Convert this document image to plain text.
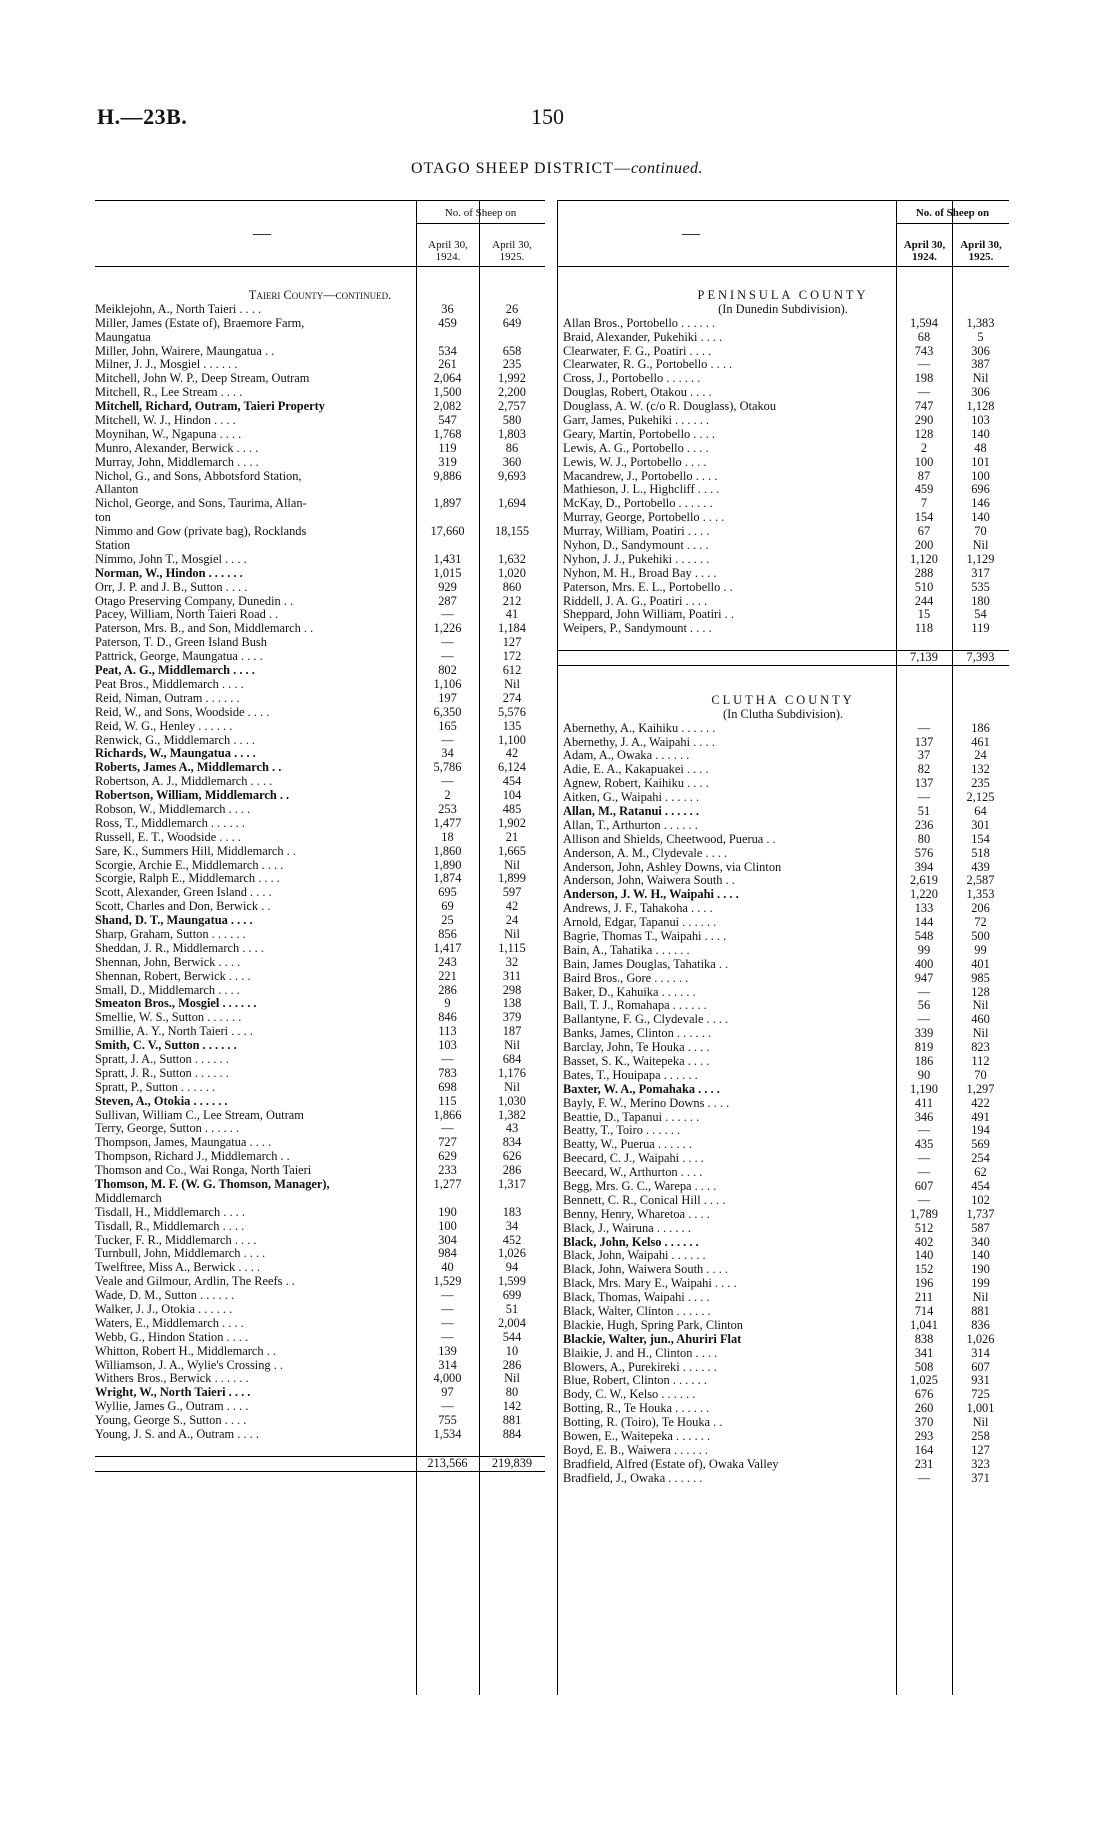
H.—23B.	150
OTAGO SHEEP DISTRICT—continued.
—
No. of Sheep on
April 30, 1924.
April 30, 1925.
Taieri County—continued.
Meiklejohn, A., North Taieri . . . .	36	26
Miller, James (Estate of), Braemore Farm,	459	649
Maungatua
Miller, John, Wairere, Maungatua . .	534	658
Milner, J. J., Mosgiel . . . . . .	261	235
Mitchell, John W. P., Deep Stream, Outram	2,064	1,992
Mitchell, R., Lee Stream . . . .	1,500	2,200
Mitchell, Richard, Outram, Taieri Property	2,082	2,757
Mitchell, W. J., Hindon . . . .	547	580
Moynihan, W., Ngapuna . . . .	1,768	1,803
Munro, Alexander, Berwick . . . .	119	86
Murray, John, Middlemarch . . . .	319	360
Nichol, G., and Sons, Abbotsford Station,	9,886	9,693
Allanton
Nichol, George, and Sons, Taurima, Allan-	1,897	1,694
ton
Nimmo and Gow (private bag), Rocklands	17,660	18,155
Station
Nimmo, John T., Mosgiel . . . .	1,431	1,632
Norman, W., Hindon . . . . . .	1,015	1,020
Orr, J. P. and J. B., Sutton . . . .	929	860
Otago Preserving Company, Dunedin . .	287	212
Pacey, William, North Taieri Road . .	—	41
Paterson, Mrs. B., and Son, Middlemarch . .	1,226	1,184
Paterson, T. D., Green Island Bush	—	127
Pattrick, George, Maungatua . . . .	—	172
Peat, A. G., Middlemarch . . . .	802	612
Peat Bros., Middlemarch . . . .	1,106	Nil
Reid, Niman, Outram . . . . . .	197	274
Reid, W., and Sons, Woodside . . . .	6,350	5,576
Reid, W. G., Henley . . . . . .	165	135
Renwick, G., Middlemarch . . . .	—	1,100
Richards, W., Maungatua . . . .	34	42
Roberts, James A., Middlemarch . .	5,786	6,124
Robertson, A. J., Middlemarch . . . .	—	454
Robertson, William, Middlemarch . .	2	104
Robson, W., Middlemarch . . . .	253	485
Ross, T., Middlemarch . . . . . .	1,477	1,902
Russell, E. T., Woodside . . . .	18	21
Sare, K., Summers Hill, Middlemarch . .	1,860	1,665
Scorgie, Archie E., Middlemarch . . . .	1,890	Nil
Scorgie, Ralph E., Middlemarch . . . .	1,874	1,899
Scott, Alexander, Green Island . . . .	695	597
Scott, Charles and Don, Berwick . .	69	42
Shand, D. T., Maungatua . . . .	25	24
Sharp, Graham, Sutton . . . . . .	856	Nil
Sheddan, J. R., Middlemarch . . . .	1,417	1,115
Shennan, John, Berwick . . . .	243	32
Shennan, Robert, Berwick . . . .	221	311
Small, D., Middlemarch . . . .	286	298
Smeaton Bros., Mosgiel . . . . . .	9	138
Smellie, W. S., Sutton . . . . . .	846	379
Smillie, A. Y., North Taieri . . . .	113	187
Smith, C. V., Sutton . . . . . .	103	Nil
Spratt, J. A., Sutton . . . . . .	—	684
Spratt, J. R., Sutton . . . . . .	783	1,176
Spratt, P., Sutton . . . . . .	698	Nil
Steven, A., Otokia . . . . . .	115	1,030
Sullivan, William C., Lee Stream, Outram	1,866	1,382
Terry, George, Sutton . . . . . .	—	43
Thompson, James, Maungatua . . . .	727	834
Thompson, Richard J., Middlemarch . .	629	626
Thomson and Co., Wai Ronga, North Taieri	233	286
Thomson, M. F. (W. G. Thomson, Manager),	1,277	1,317
Middlemarch
Tisdall, H., Middlemarch . . . .	190	183
Tisdall, R., Middlemarch . . . .	100	34
Tucker, F. R., Middlemarch . . . .	304	452
Turnbull, John, Middlemarch . . . .	984	1,026
Twelftree, Miss A., Berwick . . . .	40	94
Veale and Gilmour, Ardlin, The Reefs . .	1,529	1,599
Wade, D. M., Sutton . . . . . .	—	699
Walker, J. J., Otokia . . . . . .	—	51
Waters, E., Middlemarch . . . .	—	2,004
Webb, G., Hindon Station . . . .	—	544
Whitton, Robert H., Middlemarch . .	139	10
Williamson, J. A., Wylie's Crossing . .	314	286
Withers Bros., Berwick . . . . . .	4,000	Nil
Wright, W., North Taieri . . . .	97	80
Wyllie, James G., Outram . . . .	—	142
Young, George S., Sutton . . . .	755	881
Young, J. S. and A., Outram . . . .	1,534	884
213,566	219,839
—
No. of Sheep on
April 30, 1924.
April 30, 1925.
PENINSULA COUNTY
(In Dunedin Subdivision).
Allan Bros., Portobello . . . . . .	1,594	1,383
Braid, Alexander, Pukehiki . . . .	68	5
Clearwater, F. G., Poatiri . . . .	743	306
Clearwater, R. G., Portobello . . . .	—	387
Cross, J., Portobello . . . . . .	198	Nil
Douglas, Robert, Otakou . . . .	—	306
Douglass, A. W. (c/o R. Douglass), Otakou	747	1,128
Garr, James, Pukehiki . . . . . .	290	103
Geary, Martin, Portobello . . . .	128	140
Lewis, A. G., Portobello . . . .	2	48
Lewis, W. J., Portobello . . . .	100	101
Macandrew, J., Portobello . . . .	87	100
Mathieson, J. L., Highcliff . . . .	459	696
McKay, D., Portobello . . . . . .	7	146
Murray, George, Portobello . . . .	154	140
Murray, William, Poatiri . . . .	67	70
Nyhon, D., Sandymount . . . .	200	Nil
Nyhon, J. J., Pukehiki . . . . . .	1,120	1,129
Nyhon, M. H., Broad Bay . . . .	288	317
Paterson, Mrs. E. L., Portobello . .	510	535
Riddell, J. A. G., Poatiri . . . .	244	180
Sheppard, John William, Poatiri . .	15	54
Weipers, P., Sandymount . . . .	118	119
7,139	7,393
CLUTHA COUNTY
(In Clutha Subdivision).
Abernethy, A., Kaihiku . . . . . .	—	186
Abernethy, J. A., Waipahi . . . .	137	461
Adam, A., Owaka . . . . . .	37	24
Adie, E. A., Kakapuakei . . . .	82	132
Agnew, Robert, Kaihiku . . . .	137	235
Aitken, G., Waipahi . . . . . .	—	2,125
Allan, M., Ratanui . . . . . .	51	64
Allan, T., Arthurton . . . . . .	236	301
Allison and Shields, Cheetwood, Puerua . .	80	154
Anderson, A. M., Clydevale . . . .	576	518
Anderson, John, Ashley Downs, via Clinton	394	439
Anderson, John, Waiwera South . .	2,619	2,587
Anderson, J. W. H., Waipahi . . . .	1,220	1,353
Andrews, J. F., Tahakoha . . . .	133	206
Arnold, Edgar, Tapanui . . . . . .	144	72
Bagrie, Thomas T., Waipahi . . . .	548	500
Bain, A., Tahatika . . . . . .	99	99
Bain, James Douglas, Tahatika . .	400	401
Baird Bros., Gore . . . . . .	947	985
Baker, D., Kahuika . . . . . .	—	128
Ball, T. J., Romahapa . . . . . .	56	Nil
Ballantyne, F. G., Clydevale . . . .	—	460
Banks, James, Clinton . . . . . .	339	Nil
Barclay, John, Te Houka . . . .	819	823
Basset, S. K., Waitepeka . . . .	186	112
Bates, T., Houipapa . . . . . .	90	70
Baxter, W. A., Pomahaka . . . .	1,190	1,297
Bayly, F. W., Merino Downs . . . .	411	422
Beattie, D., Tapanui . . . . . .	346	491
Beatty, T., Toiro . . . . . .	—	194
Beatty, W., Puerua . . . . . .	435	569
Beecard, C. J., Waipahi . . . .	—	254
Beecard, W., Arthurton . . . .	—	62
Begg, Mrs. G. C., Warepa . . . .	607	454
Bennett, C. R., Conical Hill . . . .	—	102
Benny, Henry, Wharetoa . . . .	1,789	1,737
Black, J., Wairuna . . . . . .	512	587
Black, John, Kelso . . . . . .	402	340
Black, John, Waipahi . . . . . .	140	140
Black, John, Waiwera South . . . .	152	190
Black, Mrs. Mary E., Waipahi . . . .	196	199
Black, Thomas, Waipahi . . . .	211	Nil
Black, Walter, Clinton . . . . . .	714	881
Blackie, Hugh, Spring Park, Clinton	1,041	836
Blackie, Walter, jun., Ahuriri Flat	838	1,026
Blaikie, J. and H., Clinton . . . .	341	314
Blowers, A., Purekireki . . . . . .	508	607
Blue, Robert, Clinton . . . . . .	1,025	931
Body, C. W., Kelso . . . . . .	676	725
Botting, R., Te Houka . . . . . .	260	1,001
Botting, R. (Toiro), Te Houka . .	370	Nil
Bowen, E., Waitepeka . . . . . .	293	258
Boyd, E. B., Waiwera . . . . . .	164	127
Bradfield, Alfred (Estate of), Owaka Valley	231	323
Bradfield, J., Owaka . . . . . .	—	371
